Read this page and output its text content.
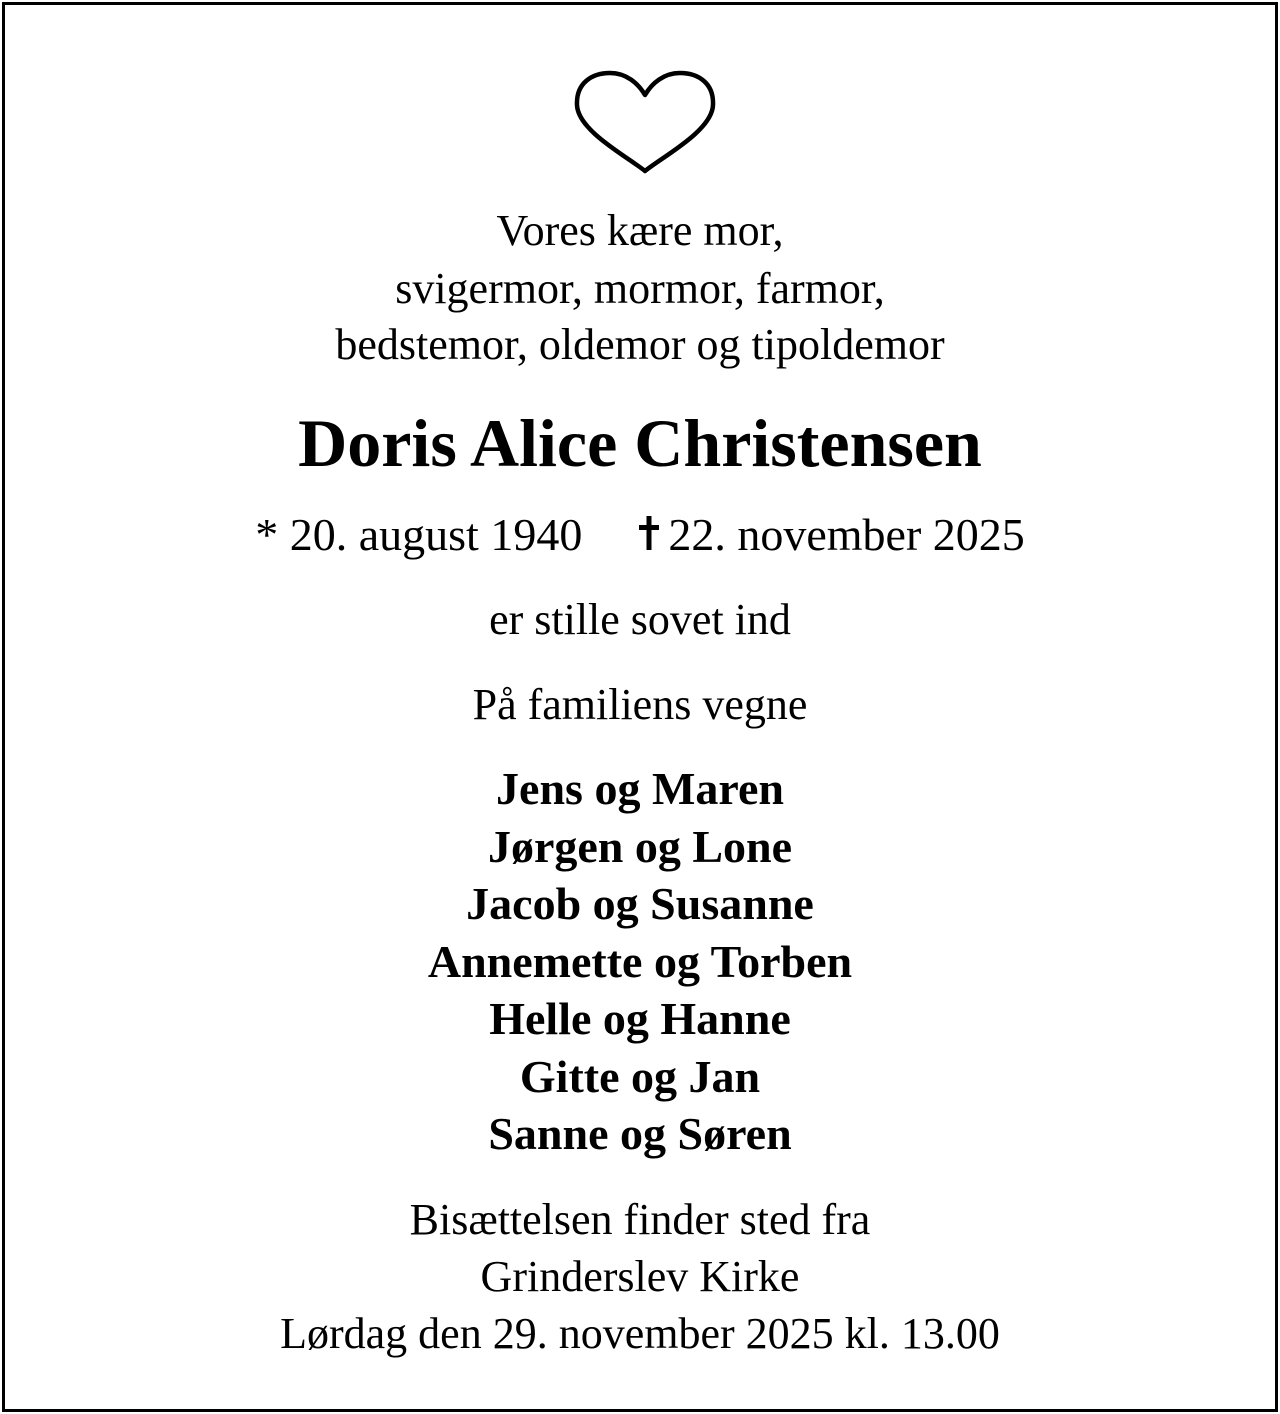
Vores kære mor,
svigermor, mormor, farmor,
bedstemor, oldemor og tipoldemor
Doris Alice Christensen
* 20. august 1940 22. november 2025
er stille sovet ind
På familiens vegne
Jens og Maren
Jørgen og Lone
Jacob og Susanne
Annemette og Torben
Helle og Hanne
Gitte og Jan
Sanne og Søren
Bisættelsen finder sted fra
Grinderslev Kirke
Lørdag den 29. november 2025 kl. 13.00
